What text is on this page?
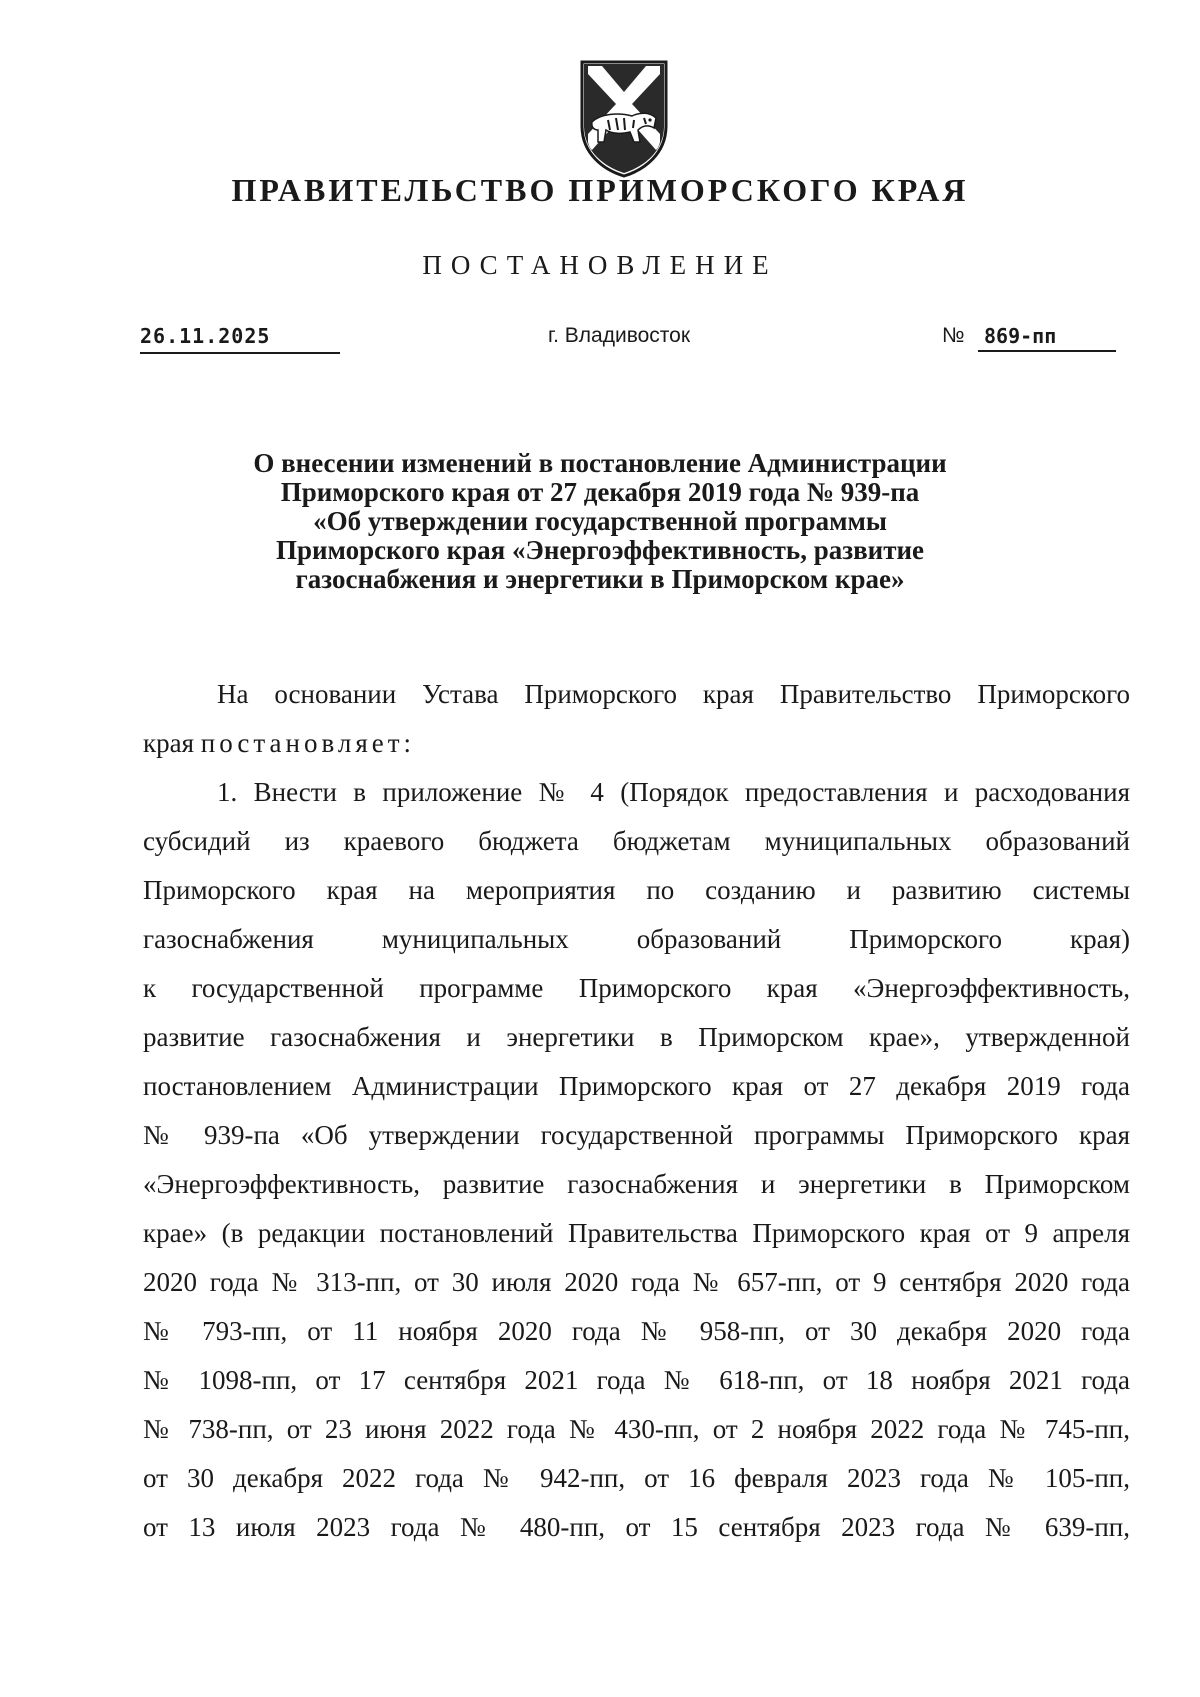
ПРАВИТЕЛЬСТВО ПРИМОРСКОГО КРАЯ
ПОСТАНОВЛЕНИЕ
26.11.2025	г. Владивосток	№ 869-пп
О внесении изменений в постановление Администрации
Приморского края от 27 декабря 2019 года № 939-па
«Об утверждении государственной программы
Приморского края «Энергоэффективность, развитие
газоснабжения и энергетики в Приморском крае»
На основании Устава Приморского края Правительство Приморского
края постановляет:
1. Внести в приложение № 4 (Порядок предоставления и расходования
субсидий из краевого бюджета бюджетам муниципальных образований
Приморского края на мероприятия по созданию и развитию системы
газоснабжения муниципальных образований Приморского края)
к государственной программе Приморского края «Энергоэффективность,
развитие газоснабжения и энергетики в Приморском крае», утвержденной
постановлением Администрации Приморского края от 27 декабря 2019 года
№ 939-па «Об утверждении государственной программы Приморского края
«Энергоэффективность, развитие газоснабжения и энергетики в Приморском
крае» (в редакции постановлений Правительства Приморского края от 9 апреля
2020 года № 313-пп, от 30 июля 2020 года № 657-пп, от 9 сентября 2020 года
№ 793-пп, от 11 ноября 2020 года № 958-пп, от 30 декабря 2020 года
№ 1098-пп, от 17 сентября 2021 года № 618-пп, от 18 ноября 2021 года
№ 738-пп, от 23 июня 2022 года № 430-пп, от 2 ноября 2022 года № 745-пп,
от 30 декабря 2022 года № 942-пп, от 16 февраля 2023 года № 105-пп,
от 13 июля 2023 года № 480-пп, от 15 сентября 2023 года № 639-пп,
